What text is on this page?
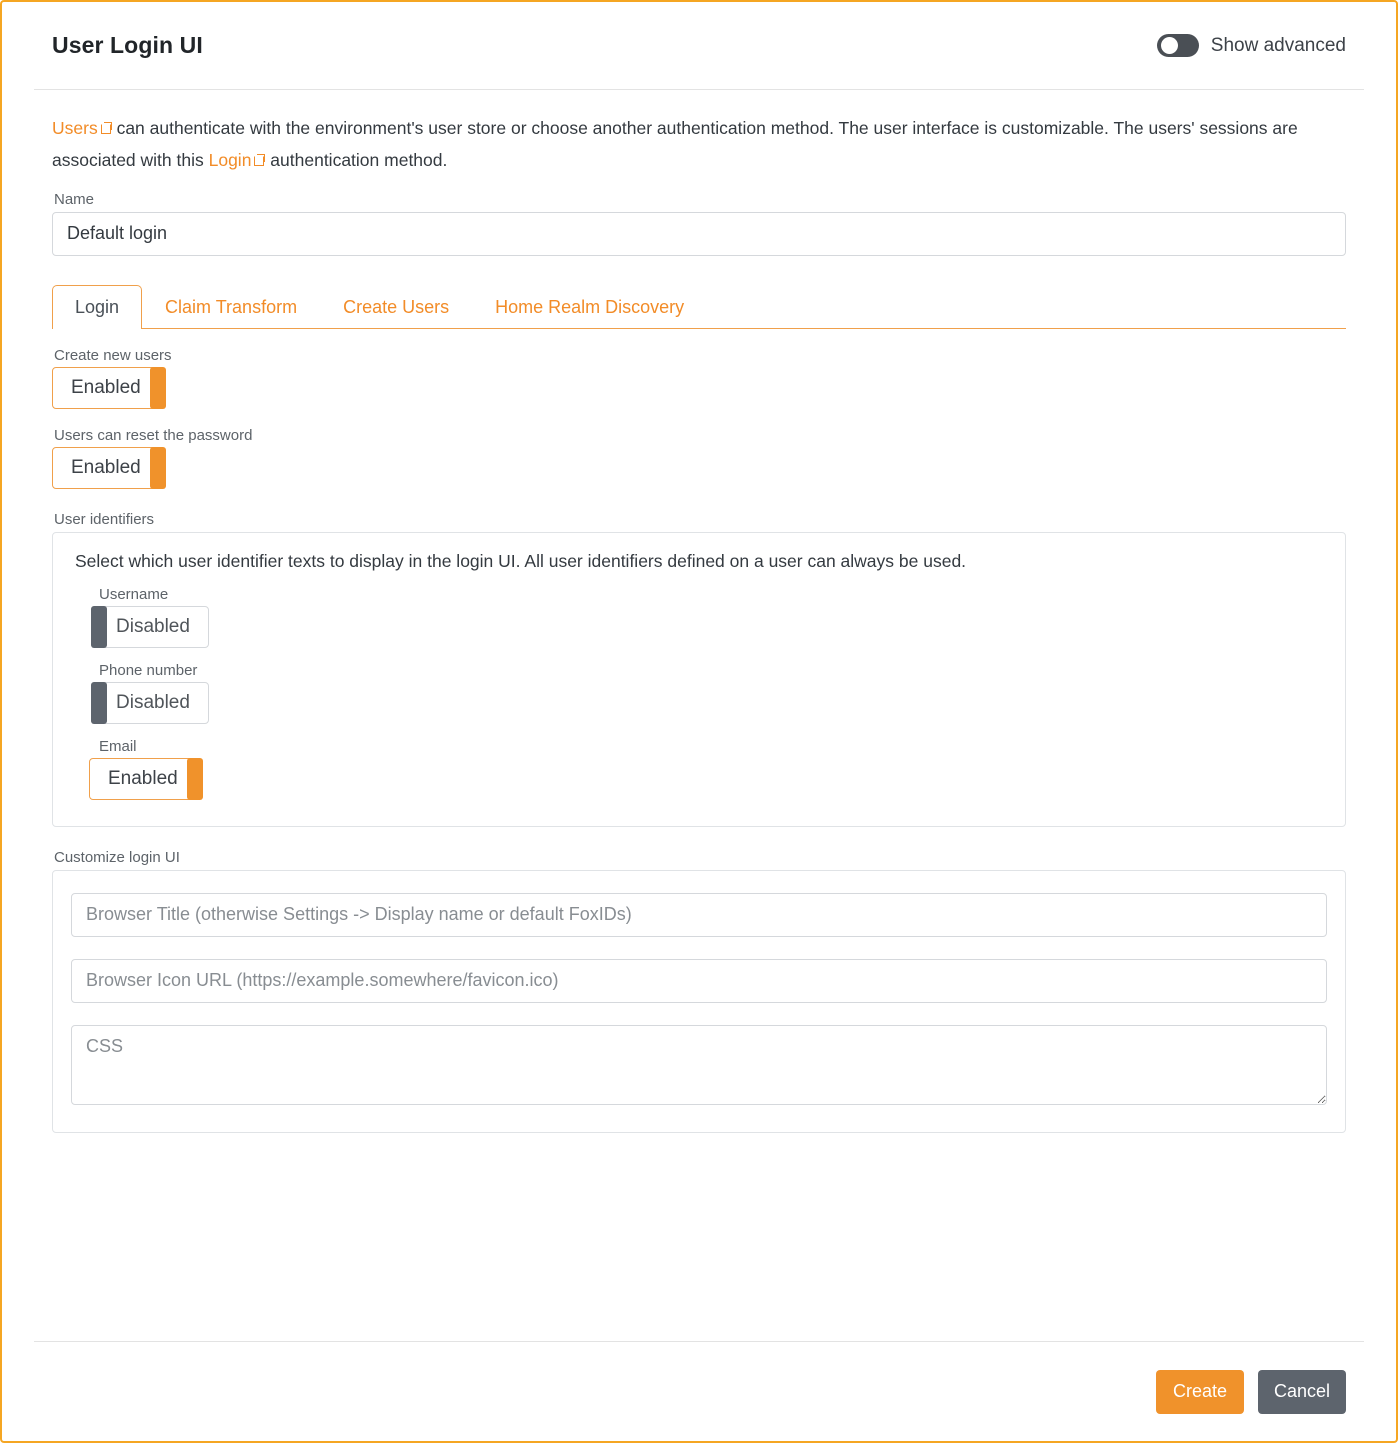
User Login UI	Show advanced
Users can authenticate with the environment's user store or choose another authentication method. The user interface is customizable. The users' sessions are associated with this Login authentication method.
Name
Default login
Login	Claim Transform	Create Users	Home Realm Discovery
Create new users
Enabled
Users can reset the password
Enabled
User identifiers
Select which user identifier texts to display in the login UI. All user identifiers defined on a user can always be used.
Username
Disabled
Phone number
Disabled
Email
Enabled
Customize login UI
Browser Title (otherwise Settings -> Display name or default FoxIDs) Browser Icon URL (https://example.somewhere/favicon.ico) CSS
Create	Cancel
